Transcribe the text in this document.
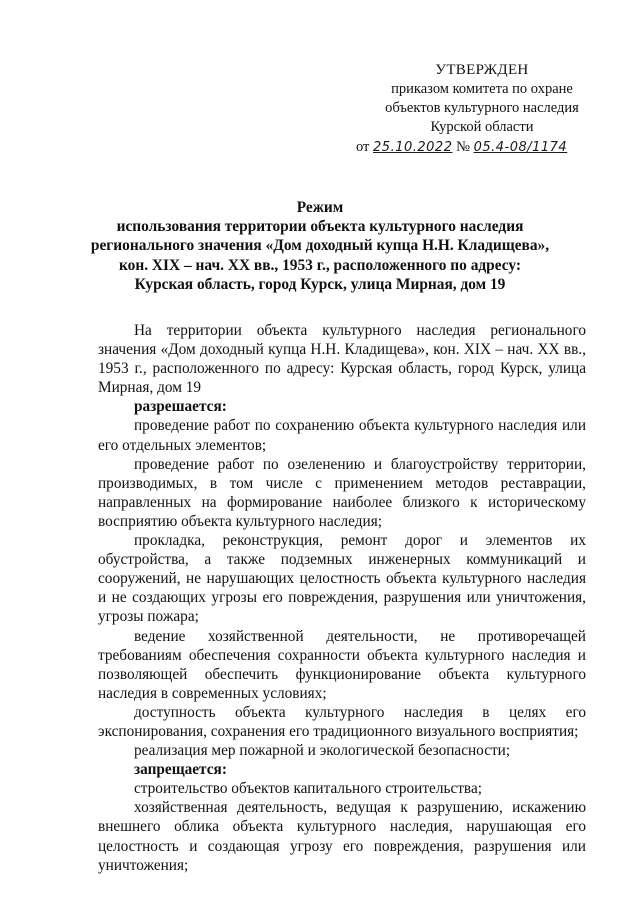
УТВЕРЖДЕН
приказом комитета по охране
объектов культурного наследия
Курской области
от 25.10.2022 № 05.4-08/1174
Режим
использования территории объекта культурного наследия
регионального значения «Дом доходный купца Н.Н. Кладищева»,
кон. XIX – нач. XX вв., 1953 г., расположенного по адресу:
Курская область, город Курск, улица Мирная, дом 19

На территории объекта культурного наследия регионального значения «Дом доходный купца Н.Н. Кладищева», кон. XIX – нач. XX вв., 1953 г., расположенного по адресу: Курская область, город Курск, улица Мирная, дом 19

разрешается:

проведение работ по сохранению объекта культурного наследия или его отдельных элементов;

проведение работ по озеленению и благоустройству территории, производимых, в том числе с применением методов реставрации, направленных на формирование наиболее близкого к историческому восприятию объекта культурного наследия;

прокладка, реконструкция, ремонт дорог и элементов их обустройства, а также подземных инженерных коммуникаций и сооружений, не нарушающих целостность объекта культурного наследия и не создающих угрозы его повреждения, разрушения или уничтожения, угрозы пожара;

ведение хозяйственной деятельности, не противоречащей требованиям обеспечения сохранности объекта культурного наследия и позволяющей обеспечить функционирование объекта культурного наследия в современных условиях;

доступность объекта культурного наследия в целях его экспонирования, сохранения его традиционного визуального восприятия;

реализация мер пожарной и экологической безопасности;

запрещается:

строительство объектов капитального строительства;

хозяйственная деятельность, ведущая к разрушению, искажению внешнего облика объекта культурного наследия, нарушающая его целостность и создающая угрозу его повреждения, разрушения или уничтожения;
